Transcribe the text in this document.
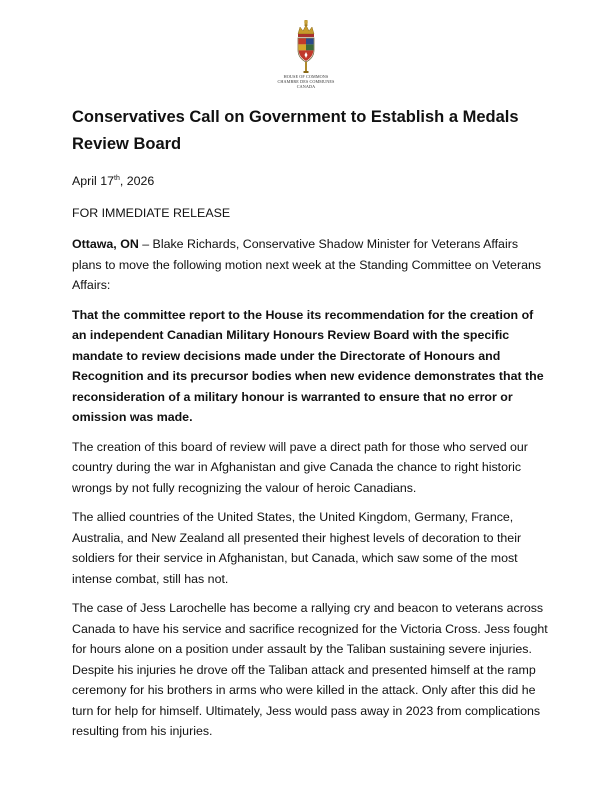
HOUSE OF COMMONS
CHAMBRE DES COMMUNES
CANADA
Conservatives Call on Government to Establish a Medals Review Board

April 17th, 2026

FOR IMMEDIATE RELEASE

Ottawa, ON – Blake Richards, Conservative Shadow Minister for Veterans Affairs plans to move the following motion next week at the Standing Committee on Veterans Affairs:

That the committee report to the House its recommendation for the creation of an independent Canadian Military Honours Review Board with the specific mandate to review decisions made under the Directorate of Honours and Recognition and its precursor bodies when new evidence demonstrates that the reconsideration of a military honour is warranted to ensure that no error or omission was made.

The creation of this board of review will pave a direct path for those who served our country during the war in Afghanistan and give Canada the chance to right historic wrongs by not fully recognizing the valour of heroic Canadians.

The allied countries of the United States, the United Kingdom, Germany, France, Australia, and New Zealand all presented their highest levels of decoration to their soldiers for their service in Afghanistan, but Canada, which saw some of the most intense combat, still has not.

The case of Jess Larochelle has become a rallying cry and beacon to veterans across Canada to have his service and sacrifice recognized for the Victoria Cross. Jess fought for hours alone on a position under assault by the Taliban sustaining severe injuries. Despite his injuries he drove off the Taliban attack and presented himself at the ramp ceremony for his brothers in arms who were killed in the attack. Only after this did he turn for help for himself. Ultimately, Jess would pass away in 2023 from complications resulting from his injuries.
